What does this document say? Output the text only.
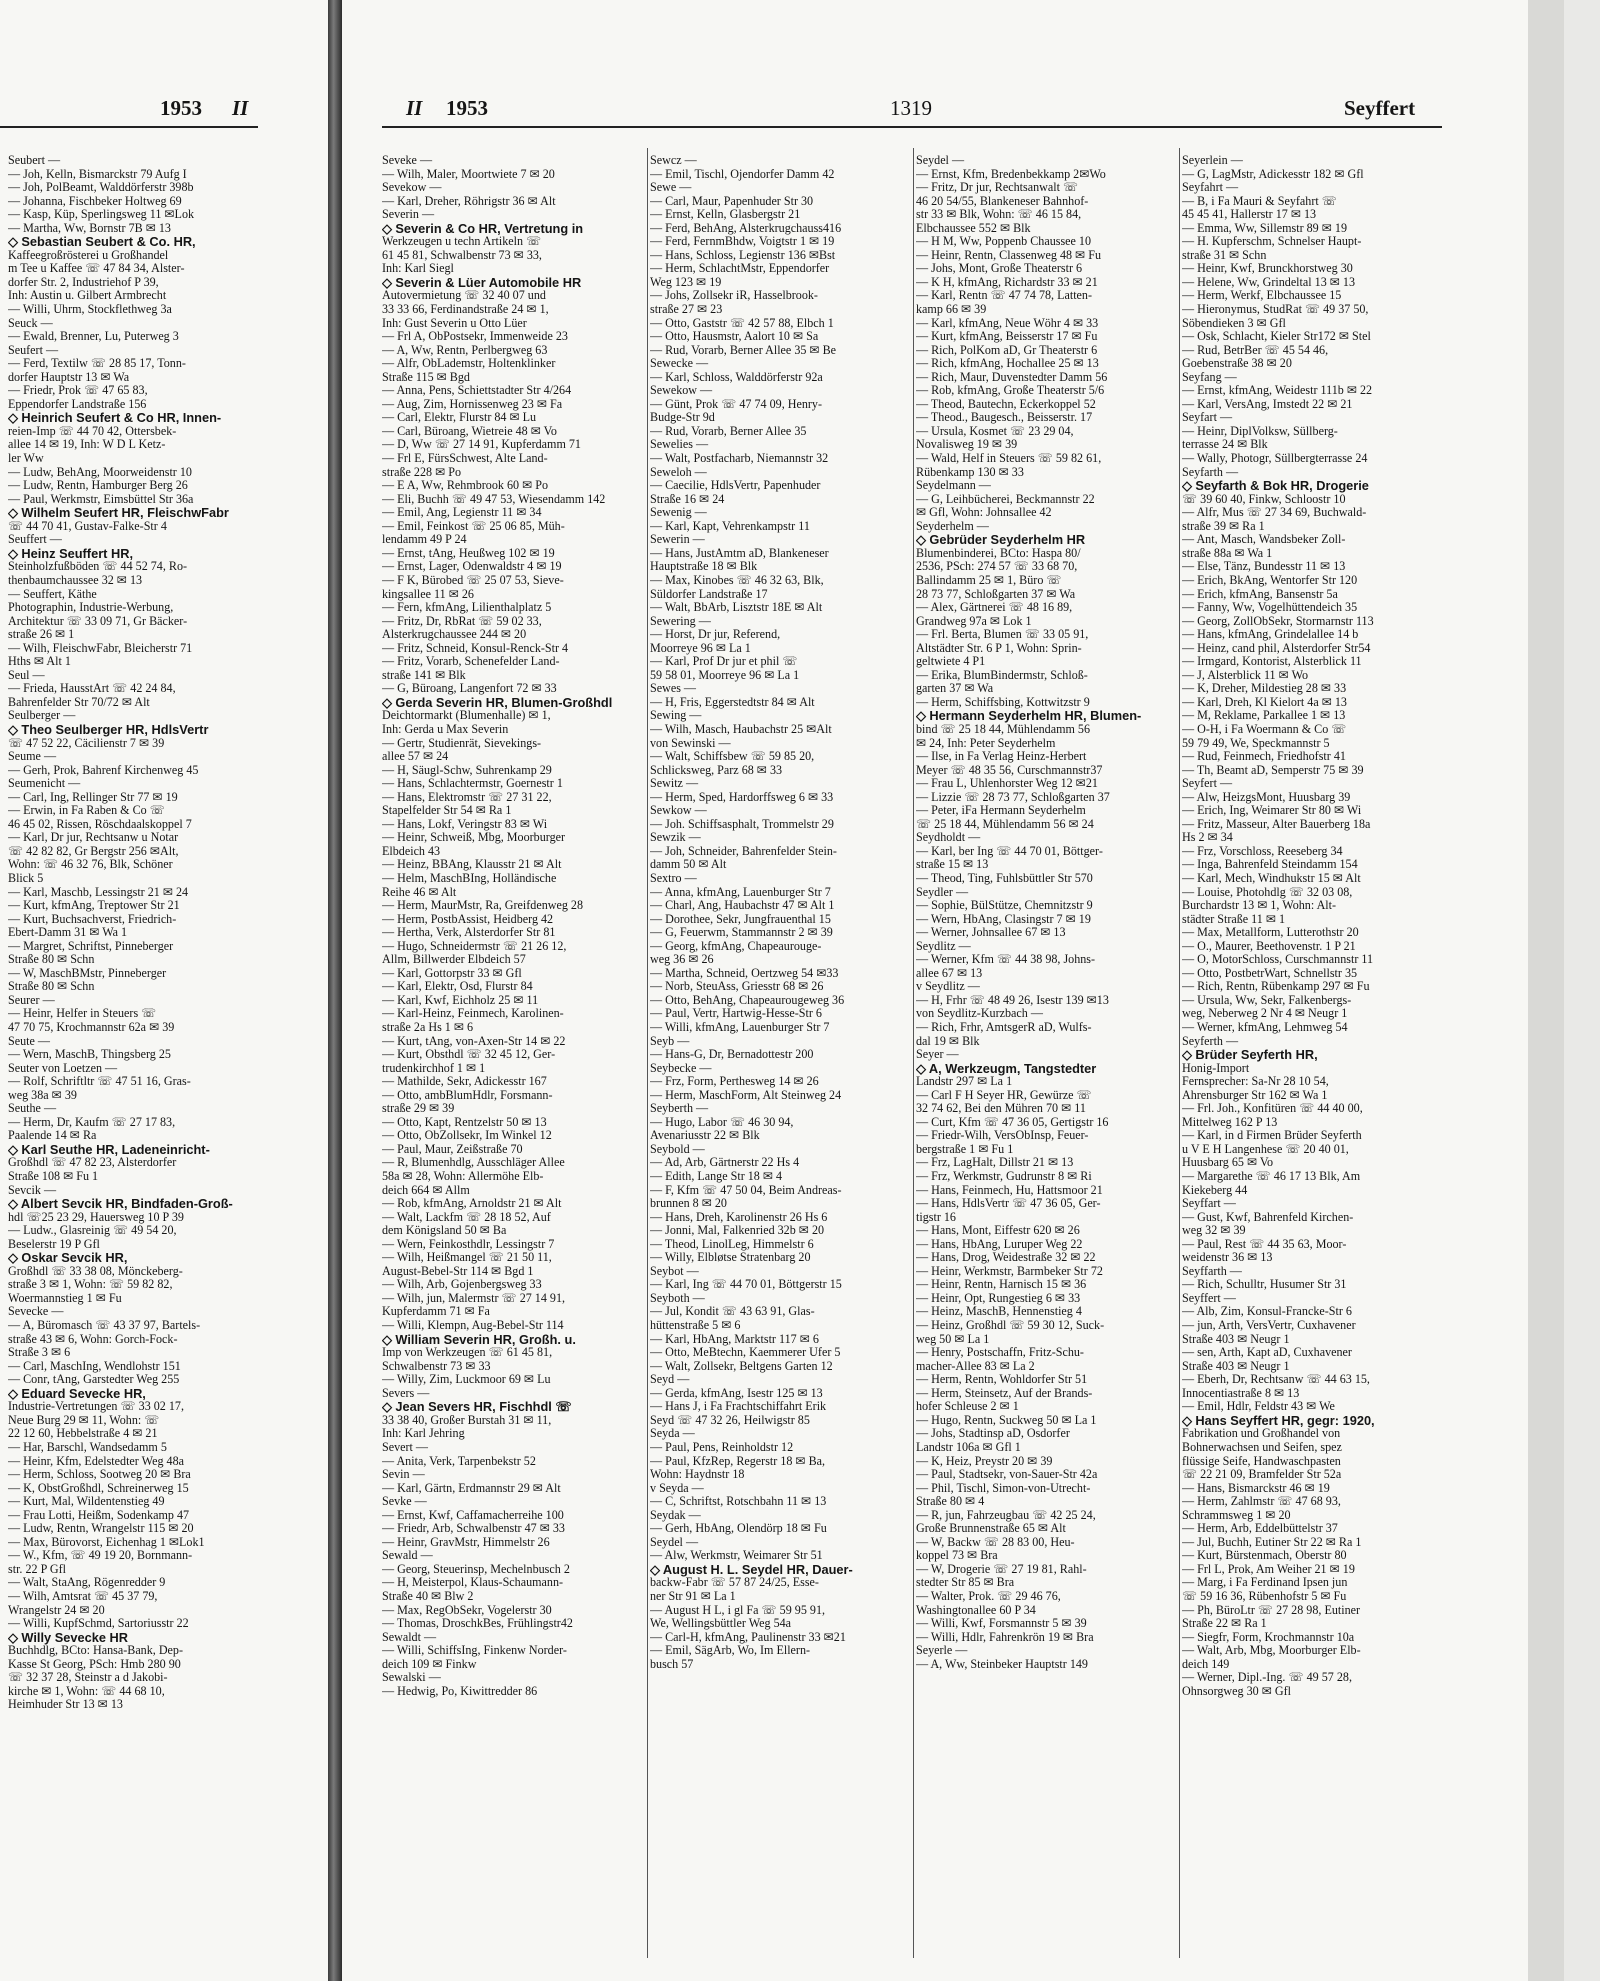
1953 II
Seubert —
— Joh, Kelln, Bismarckstr 79 Aufg I
— Joh, PolBeamt, Walddörferstr 398b
— Johanna, Fischbeker Holtweg 69
— Kasp, Küp, Sperlingsweg 11 ✉Lok
— Martha, Ww, Bornstr 7B ✉ 13
◇ Sebastian Seubert & Co. HR,
Kaffeegroßrösterei u Großhandel
m Tee u Kaffee ☏ 47 84 34, Alster-
dorfer Str. 2, Industriehof P 39,
Inh: Austin u. Gilbert Armbrecht
— Willi, Uhrm, Stockflethweg 3a
Seuck —
— Ewald, Brenner, Lu, Puterweg 3
Seufert —
— Ferd, Textilw ☏ 28 85 17, Tonn-
dorfer Hauptstr 13 ✉ Wa
— Friedr, Prok ☏ 47 65 83,
Eppendorfer Landstraße 156
◇ Heinrich Seufert & Co HR, Innen-
reien-Imp ☏ 44 70 42, Ottersbek-
allee 14 ✉ 19, Inh: W D L Ketz-
ler Ww
— Ludw, BehAng, Moorweidenstr 10
— Ludw, Rentn, Hamburger Berg 26
— Paul, Werkmstr, Eimsbüttel Str 36a
◇ Wilhelm Seufert HR, FleischwFabr
☏ 44 70 41, Gustav-Falke-Str 4
Seuffert —
◇ Heinz Seuffert HR,
Steinholzfußböden ☏ 44 52 74, Ro-
thenbaumchaussee 32 ✉ 13
— Seuffert, Käthe
Photographin, Industrie-Werbung,
Architektur ☏ 33 09 71, Gr Bäcker-
straße 26 ✉ 1
— Wilh, FleischwFabr, Bleicherstr 71
Hths ✉ Alt 1
Seul —
— Frieda, HausstArt ☏ 42 24 84,
Bahrenfelder Str 70/72 ✉ Alt
Seulberger —
◇ Theo Seulberger HR, HdlsVertr
☏ 47 52 22, Cäcilienstr 7 ✉ 39
Seume —
— Gerh, Prok, Bahrenf Kirchenweg 45
Seumenicht —
— Carl, Ing, Rellinger Str 77 ✉ 19
— Erwin, in Fa Raben & Co ☏
46 45 02, Rissen, Röschdaalskoppel 7
— Karl, Dr jur, Rechtsanw u Notar
☏ 42 82 82, Gr Bergstr 256 ✉Alt,
Wohn: ☏ 46 32 76, Blk, Schöner
Blick 5
— Karl, Maschb, Lessingstr 21 ✉ 24
— Kurt, kfmAng, Treptower Str 21
— Kurt, Buchsachverst, Friedrich-
Ebert-Damm 31 ✉ Wa 1
— Margret, Schriftst, Pinneberger
Straße 80 ✉ Schn
— W, MaschBMstr, Pinneberger
Straße 80 ✉ Schn
Seurer —
— Heinr, Helfer in Steuers ☏
47 70 75, Krochmannstr 62a ✉ 39
Seute —
— Wern, MaschB, Thingsberg 25
Seuter von Loetzen —
— Rolf, Schriftltr ☏ 47 51 16, Gras-
weg 38a ✉ 39
Seuthe —
— Herm, Dr, Kaufm ☏ 27 17 83,
Paalende 14 ✉ Ra
◇ Karl Seuthe HR, Ladeneinricht-
Großhdl ☏ 47 82 23, Alsterdorfer
Straße 108 ✉ Fu 1
Sevcik —
◇ Albert Sevcik HR, Bindfaden-Groß-
hdl ☏25 23 29, Hauersweg 10 P 39
— Ludw., Glasreinig ☏ 49 54 20,
Beselerstr 19 P Gfl
◇ Oskar Sevcik HR,
Großhdl ☏ 33 38 08, Mönckeberg-
straße 3 ✉ 1, Wohn: ☏ 59 82 82,
Woermannstieg 1 ✉ Fu
Sevecke —
— A, Büromasch ☏ 43 37 97, Bartels-
straße 43 ✉ 6, Wohn: Gorch-Fock-
Straße 3 ✉ 6
— Carl, MaschIng, Wendlohstr 151
— Conr, tAng, Garstedter Weg 255
◇ Eduard Sevecke HR,
Industrie-Vertretungen ☏ 33 02 17,
Neue Burg 29 ✉ 11, Wohn: ☏
22 12 60, Hebbelstraße 4 ✉ 21
— Har, Barschl, Wandsedamm 5
— Heinr, Kfm, Edelstedter Weg 48a
— Herm, Schloss, Sootweg 20 ✉ Bra
— K, ObstGroßhdl, Schreinerweg 15
— Kurt, Mal, Wildentenstieg 49
— Frau Lotti, Heißm, Sodenkamp 47
— Ludw, Rentn, Wrangelstr 115 ✉ 20
— Max, Bürovorst, Eichenhag 1 ✉Lok1
— W., Kfm, ☏ 49 19 20, Bornmann-
str. 22 P Gfl
— Walt, StaAng, Rögenredder 9
— Wilh, Amtsrat ☏ 45 37 79,
Wrangelstr 24 ✉ 20
— Willi, KupfSchmd, Sartoriusstr 22
◇ Willy Sevecke HR
Buchhdlg, BCto: Hansa-Bank, Dep-
Kasse St Georg, PSch: Hmb 280 90
☏ 32 37 28, Steinstr a d Jakobi-
kirche ✉ 1, Wohn: ☏ 44 68 10,
Heimhuder Str 13 ✉ 13
II 1953	1319	Seyffert
Seveke —
— Wilh, Maler, Moortwiete 7 ✉ 20
Sevekow —
— Karl, Dreher, Röhrigstr 36 ✉ Alt
Severin —
◇ Severin & Co HR, Vertretung in
Werkzeugen u techn Artikeln ☏
61 45 81, Schwalbenstr 73 ✉ 33,
Inh: Karl Siegl
◇ Severin & Lüer Automobile HR
Autovermietung ☏ 32 40 07 und
33 33 66, Ferdinandstraße 24 ✉ 1,
Inh: Gust Severin u Otto Lüer
— Frl A, ObPostsekr, Immenweide 23
— A, Ww, Rentn, Perlbergweg 63
— Alfr, ObLademstr, Holtenklinker
Straße 115 ✉ Bgd
— Anna, Pens, Schiettstadter Str 4/264
— Aug, Zim, Hornissenweg 23 ✉ Fa
— Carl, Elektr, Flurstr 84 ✉ Lu
— Carl, Büroang, Wietreie 48 ✉ Vo
— D, Ww ☏ 27 14 91, Kupferdamm 71
— Frl E, FürsSchwest, Alte Land-
straße 228 ✉ Po
— E A, Ww, Rehmbrook 60 ✉ Po
— Eli, Buchh ☏ 49 47 53, Wiesendamm 142
— Emil, Ang, Legienstr 11 ✉ 34
— Emil, Feinkost ☏ 25 06 85, Müh-
lendamm 49 P 24
— Ernst, tAng, Heußweg 102 ✉ 19
— Ernst, Lager, Odenwaldstr 4 ✉ 19
— F K, Bürobed ☏ 25 07 53, Sieve-
kingsallee 11 ✉ 26
— Fern, kfmAng, Lilienthalplatz 5
— Fritz, Dr, RbRat ☏ 59 02 33,
Alsterkrugchaussee 244 ✉ 20
— Fritz, Schneid, Konsul-Renck-Str 4
— Fritz, Vorarb, Schenefelder Land-
straße 141 ✉ Blk
— G, Büroang, Langenfort 72 ✉ 33
◇ Gerda Severin HR, Blumen-Großhdl
Deichtormarkt (Blumenhalle) ✉ 1,
Inh: Gerda u Max Severin
— Gertr, Studienrät, Sievekings-
allee 57 ✉ 24
— H, Säugl-Schw, Suhrenkamp 29
— Hans, Schlachtermstr, Goernestr 1
— Hans, Elektromstr ☏ 27 31 22,
Stapelfelder Str 54 ✉ Ra 1
— Hans, Lokf, Veringstr 83 ✉ Wi
— Heinr, Schweiß, Mbg, Moorburger
Elbdeich 43
— Heinz, BBAng, Klausstr 21 ✉ Alt
— Helm, MaschBIng, Holländische
Reihe 46 ✉ Alt
— Herm, MaurMstr, Ra, Greifdenweg 28
— Herm, PostbAssist, Heidberg 42
— Hertha, Verk, Alsterdorfer Str 81
— Hugo, Schneidermstr ☏ 21 26 12,
Allm, Billwerder Elbdeich 57
— Karl, Gottorpstr 33 ✉ Gfl
— Karl, Elektr, Osd, Flurstr 84
— Karl, Kwf, Eichholz 25 ✉ 11
— Karl-Heinz, Feinmech, Karolinen-
straße 2a Hs 1 ✉ 6
— Kurt, tAng, von-Axen-Str 14 ✉ 22
— Kurt, Obsthdl ☏ 32 45 12, Ger-
trudenkirchhof 1 ✉ 1
— Mathilde, Sekr, Adickesstr 167
— Otto, ambBlumHdlr, Forsmann-
straße 29 ✉ 39
— Otto, Kapt, Rentzelstr 50 ✉ 13
— Otto, ObZollsekr, Im Winkel 12
— Paul, Maur, Zeißstraße 70
— R, Blumenhdlg, Ausschläger Allee
58a ✉ 28, Wohn: Allermöhe Elb-
deich 664 ✉ Allm
— Rob, kfmAng, Arnoldstr 21 ✉ Alt
— Walt, Lackfm ☏ 28 18 52, Auf
dem Königsland 50 ✉ Ba
— Wern, Feinkosthdlr, Lessingstr 7
— Wilh, Heißmangel ☏ 21 50 11,
August-Bebel-Str 114 ✉ Bgd 1
— Wilh, Arb, Gojenbergsweg 33
— Wilh, jun, Malermstr ☏ 27 14 91,
Kupferdamm 71 ✉ Fa
— Willi, Klempn, Aug-Bebel-Str 114
◇ William Severin HR, Großh. u.
Imp von Werkzeugen ☏ 61 45 81,
Schwalbenstr 73 ✉ 33
— Willy, Zim, Luckmoor 69 ✉ Lu
Severs —
◇ Jean Severs HR, Fischhdl ☏
33 38 40, Großer Burstah 31 ✉ 11,
Inh: Karl Jehring
Severt —
— Anita, Verk, Tarpenbekstr 52
Sevin —
— Karl, Gärtn, Erdmannstr 29 ✉ Alt
Sevke —
— Ernst, Kwf, Caffamacherreihe 100
— Friedr, Arb, Schwalbenstr 47 ✉ 33
— Heinr, GravMstr, Himmelstr 26
Sewald —
— Georg, Steuerinsp, Mechelnbusch 2
— H, Meisterpol, Klaus-Schaumann-
Straße 40 ✉ Blw 2
— Max, RegObSekr, Vogelerstr 30
— Thomas, DroschkBes, Frühlingstr42
Sewaldt —
— Willi, SchiffsIng, Finkenw Norder-
deich 109 ✉ Finkw
Sewalski —
— Hedwig, Po, Kiwittredder 86
Sewcz —
— Emil, Tischl, Ojendorfer Damm 42
Sewe —
— Carl, Maur, Papenhuder Str 30
— Ernst, Kelln, Glasbergstr 21
— Ferd, BehAng, Alsterkrugchauss416
— Ferd, FernmBhdw, Voigtstr 1 ✉ 19
— Hans, Schloss, Legienstr 136 ✉Bst
— Herm, SchlachtMstr, Eppendorfer
Weg 123 ✉ 19
— Johs, Zollsekr iR, Hasselbrook-
straße 27 ✉ 23
— Otto, Gaststr ☏ 42 57 88, Elbch 1
— Otto, Hausmstr, Aalort 10 ✉ Sa
— Rud, Vorarb, Berner Allee 35 ✉ Be
Sewecke —
— Karl, Schloss, Walddörferstr 92a
Sewekow —
— Günt, Prok ☏ 47 74 09, Henry-
Budge-Str 9d
— Rud, Vorarb, Berner Allee 35
Sewelies —
— Walt, Postfacharb, Niemannstr 32
Seweloh —
— Caecilie, HdlsVertr, Papenhuder
Straße 16 ✉ 24
Sewenig —
— Karl, Kapt, Vehrenkampstr 11
Sewerin —
— Hans, JustAmtm aD, Blankeneser
Hauptstraße 18 ✉ Blk
— Max, Kinobes ☏ 46 32 63, Blk,
Süldorfer Landstraße 17
— Walt, BbArb, Lisztstr 18E ✉ Alt
Sewering —
— Horst, Dr jur, Referend,
Moorreye 96 ✉ La 1
— Karl, Prof Dr jur et phil ☏
59 58 01, Moorreye 96 ✉ La 1
Sewes —
— H, Fris, Eggerstedtstr 84 ✉ Alt
Sewing —
— Wilh, Masch, Haubachstr 25 ✉Alt
von Sewinski —
— Walt, Schiffsbew ☏ 59 85 20,
Schlicksweg, Parz 68 ✉ 33
Sewitz —
— Herm, Sped, Hardorffsweg 6 ✉ 33
Sewkow —
— Joh. Schiffsasphalt, Trommelstr 29
Sewzik —
— Joh, Schneider, Bahrenfelder Stein-
damm 50 ✉ Alt
Sextro —
— Anna, kfmAng, Lauenburger Str 7
— Charl, Ang, Haubachstr 47 ✉ Alt 1
— Dorothee, Sekr, Jungfrauenthal 15
— G, Feuerwm, Stammannstr 2 ✉ 39
— Georg, kfmAng, Chapeaurouge-
weg 36 ✉ 26
— Martha, Schneid, Oertzweg 54 ✉33
— Norb, SteuAss, Griesstr 68 ✉ 26
— Otto, BehAng, Chapeaurougeweg 36
— Paul, Vertr, Hartwig-Hesse-Str 6
— Willi, kfmAng, Lauenburger Str 7
Seyb —
— Hans-G, Dr, Bernadottestr 200
Seybecke —
— Frz, Form, Perthesweg 14 ✉ 26
— Herm, MaschForm, Alt Steinweg 24
Seyberth —
— Hugo, Labor ☏ 46 30 94,
Avenariusstr 22 ✉ Blk
Seybold —
— Ad, Arb, Gärtnerstr 22 Hs 4
— Edith, Lange Str 18 ✉ 4
— F, Kfm ☏ 47 50 04, Beim Andreas-
brunnen 8 ✉ 20
— Hans, Dreh, Karolinenstr 26 Hs 6
— Jonni, Mal, Falkenried 32b ✉ 20
— Theod, LinolLeg, Himmelstr 6
— Willy, Elbløtse Stratenbarg 20
Seybot —
— Karl, Ing ☏ 44 70 01, Böttgerstr 15
Seyboth —
— Jul, Kondit ☏ 43 63 91, Glas-
hüttenstraße 5 ✉ 6
— Karl, HbAng, Marktstr 117 ✉ 6
— Otto, MeBtechn, Kaemmerer Ufer 5
— Walt, Zollsekr, Beltgens Garten 12
Seyd —
— Gerda, kfmAng, Isestr 125 ✉ 13
— Hans J, i Fa Frachtschiffahrt Erik
Seyd ☏ 47 32 26, Heilwigstr 85
Seyda —
— Paul, Pens, Reinholdstr 12
— Paul, KfzRep, Regerstr 18 ✉ Ba,
Wohn: Haydnstr 18
v Seyda —
— C, Schriftst, Rotschbahn 11 ✉ 13
Seydak —
— Gerh, HbAng, Olendörp 18 ✉ Fu
Seydel —
— Alw, Werkmstr, Weimarer Str 51
◇ August H. L. Seydel HR, Dauer-
backw-Fabr ☏ 57 87 24/25, Esse-
ner Str 91 ✉ La 1
— August H L, i gl Fa ☏ 59 95 91,
We, Wellingsbüttler Weg 54a
— Carl-H, kfmAng, Paulinenstr 33 ✉21
— Emil, SägArb, Wo, Im Ellern-
busch 57
Seydel —
— Ernst, Kfm, Bredenbekkamp 2✉Wo
— Fritz, Dr jur, Rechtsanwalt ☏
46 20 54/55, Blankeneser Bahnhof-
str 33 ✉ Blk, Wohn: ☏ 46 15 84,
Elbchaussee 552 ✉ Blk
— H M, Ww, Poppenb Chaussee 10
— Heinr, Rentn, Classenweg 48 ✉ Fu
— Johs, Mont, Große Theaterstr 6
— K H, kfmAng, Richardstr 33 ✉ 21
— Karl, Rentn ☏ 47 74 78, Latten-
kamp 66 ✉ 39
— Karl, kfmAng, Neue Wöhr 4 ✉ 33
— Kurt, kfmAng, Beisserstr 17 ✉ Fu
— Rich, PolKom aD, Gr Theaterstr 6
— Rich, kfmAng, Hochallee 25 ✉ 13
— Rich, Maur, Duvenstedter Damm 56
— Rob, kfmAng, Große Theaterstr 5/6
— Theod, Bautechn, Eckerkoppel 52
— Theod., Baugesch., Beisserstr. 17
— Ursula, Kosmet ☏ 23 29 04,
Novalisweg 19 ✉ 39
— Wald, Helf in Steuers ☏ 59 82 61,
Rübenkamp 130 ✉ 33
Seydelmann —
— G, Leihbücherei, Beckmannstr 22
✉ Gfl, Wohn: Johnsallee 42
Seyderhelm —
◇ Gebrüder Seyderhelm HR
Blumenbinderei, BCto: Haspa 80/
2536, PSch: 274 57 ☏ 33 68 70,
Ballindamm 25 ✉ 1, Büro ☏
28 73 77, Schloßgarten 37 ✉ Wa
— Alex, Gärtnerei ☏ 48 16 89,
Grandweg 97a ✉ Lok 1
— Frl. Berta, Blumen ☏ 33 05 91,
Altstädter Str. 6 P 1, Wohn: Sprin-
geltwiete 4 P1
— Erika, BlumBindermstr, Schloß-
garten 37 ✉ Wa
— Herm, Schiffsbing, Kottwitzstr 9
◇ Hermann Seyderhelm HR, Blumen-
bind ☏ 25 18 44, Mühlendamm 56
✉ 24, Inh: Peter Seyderhelm
— Ilse, in Fa Verlag Heinz-Herbert
Meyer ☏ 48 35 56, Curschmannstr37
— Frau L, Uhlenhorster Weg 12 ✉21
— Lizzie ☏ 28 73 77, Schloßgarten 37
— Peter, iFa Hermann Seyderhelm
☏ 25 18 44, Mühlendamm 56 ✉ 24
Seydholdt —
— Karl, ber Ing ☏ 44 70 01, Böttger-
straße 15 ✉ 13
— Theod, Ting, Fuhlsbüttler Str 570
Seydler —
— Sophie, BülStütze, Chemnitzstr 9
— Wern, HbAng, Clasingstr 7 ✉ 19
— Werner, Johnsallee 67 ✉ 13
Seydlitz —
— Werner, Kfm ☏ 44 38 98, Johns-
allee 67 ✉ 13
v Seydlitz —
— H, Frhr ☏ 48 49 26, Isestr 139 ✉13
von Seydlitz-Kurzbach —
— Rich, Frhr, AmtsgerR aD, Wulfs-
dal 19 ✉ Blk
Seyer —
◇ A, Werkzeugm, Tangstedter
Landstr 297 ✉ La 1
— Carl F H Seyer HR, Gewürze ☏
32 74 62, Bei den Mühren 70 ✉ 11
— Curt, Kfm ☏ 47 36 05, Gertigstr 16
— Friedr-Wilh, VersObInsp, Feuer-
bergstraße 1 ✉ Fu 1
— Frz, LagHalt, Dillstr 21 ✉ 13
— Frz, Werkmstr, Gudrunstr 8 ✉ Ri
— Hans, Feinmech, Hu, Hattsmoor 21
— Hans, HdlsVertr ☏ 47 36 05, Ger-
tigstr 16
— Hans, Mont, Eiffestr 620 ✉ 26
— Hans, HbAng, Luruper Weg 22
— Hans, Drog, Weidestraße 32 ✉ 22
— Heinr, Werkmstr, Barmbeker Str 72
— Heinr, Rentn, Harnisch 15 ✉ 36
— Heinr, Opt, Rungestieg 6 ✉ 33
— Heinz, MaschB, Hennenstieg 4
— Heinz, Großhdl ☏ 59 30 12, Suck-
weg 50 ✉ La 1
— Henry, Postschaffn, Fritz-Schu-
macher-Allee 83 ✉ La 2
— Herm, Rentn, Wohldorfer Str 51
— Herm, Steinsetz, Auf der Brands-
hofer Schleuse 2 ✉ 1
— Hugo, Rentn, Suckweg 50 ✉ La 1
— Johs, Stadtinsp aD, Osdorfer
Landstr 106a ✉ Gfl 1
— K, Heiz, Preystr 20 ✉ 39
— Paul, Stadtsekr, von-Sauer-Str 42a
— Phil, Tischl, Simon-von-Utrecht-
Straße 80 ✉ 4
— R, jun, Fahrzeugbau ☏ 42 25 24,
Große Brunnenstraße 65 ✉ Alt
— W, Backw ☏ 28 83 00, Heu-
koppel 73 ✉ Bra
— W, Drogerie ☏ 27 19 81, Rahl-
stedter Str 85 ✉ Bra
— Walter, Prok. ☏ 29 46 76,
Washingtonallee 60 P 34
— Willi, Kwf, Forsmannstr 5 ✉ 39
— Willi, Hdlr, Fahrenkrön 19 ✉ Bra
Seyerle —
— A, Ww, Steinbeker Hauptstr 149
Seyerlein —
— G, LagMstr, Adickesstr 182 ✉ Gfl
Seyfahrt —
— B, i Fa Mauri & Seyfahrt ☏
45 45 41, Hallerstr 17 ✉ 13
— Emma, Ww, Sillemstr 89 ✉ 19
— H. Kupferschm, Schnelser Haupt-
straße 31 ✉ Schn
— Heinr, Kwf, Brunckhorstweg 30
— Helene, Ww, Grindeltal 13 ✉ 13
— Herm, Werkf, Elbchaussee 15
— Hieronymus, StudRat ☏ 49 37 50,
Söbendieken 3 ✉ Gfl
— Osk, Schlacht, Kieler Str172 ✉ Stel
— Rud, BetrBer ☏ 45 54 46,
Goebenstraße 38 ✉ 20
Seyfang —
— Ernst, kfmAng, Weidestr 111b ✉ 22
— Karl, VersAng, Imstedt 22 ✉ 21
Seyfart —
— Heinr, DiplVolksw, Süllberg-
terrasse 24 ✉ Blk
— Wally, Photogr, Süllbergterrasse 24
Seyfarth —
◇ Seyfarth & Bok HR, Drogerie
☏ 39 60 40, Finkw, Schloostr 10
— Alfr, Mus ☏ 27 34 69, Buchwald-
straße 39 ✉ Ra 1
— Ant, Masch, Wandsbeker Zoll-
straße 88a ✉ Wa 1
— Else, Tänz, Bundesstr 11 ✉ 13
— Erich, BkAng, Wentorfer Str 120
— Erich, kfmAng, Bansenstr 5a
— Fanny, Ww, Vogelhüttendeich 35
— Georg, ZollObSekr, Stormarnstr 113
— Hans, kfmAng, Grindelallee 14 b
— Heinz, cand phil, Alsterdorfer Str54
— Irmgard, Kontorist, Alsterblick 11
— J, Alsterblick 11 ✉ Wo
— K, Dreher, Mildestieg 28 ✉ 33
— Karl, Dreh, Kl Kielort 4a ✉ 13
— M, Reklame, Parkallee 1 ✉ 13
— O-H, i Fa Woermann & Co ☏
59 79 49, We, Speckmannstr 5
— Rud, Feinmech, Friedhofstr 41
— Th, Beamt aD, Semperstr 75 ✉ 39
Seyfert —
— Alw, HeizgsMont, Huusbarg 39
— Erich, Ing, Weimarer Str 80 ✉ Wi
— Fritz, Masseur, Alter Bauerberg 18a
Hs 2 ✉ 34
— Frz, Vorschloss, Reeseberg 34
— Inga, Bahrenfeld Steindamm 154
— Karl, Mech, Windhukstr 15 ✉ Alt
— Louise, Photohdlg ☏ 32 03 08,
Burchardstr 13 ✉ 1, Wohn: Alt-
städter Straße 11 ✉ 1
— Max, Metallform, Lutterothstr 20
— O., Maurer, Beethovenstr. 1 P 21
— O, MotorSchloss, Curschmannstr 11
— Otto, PostbetrWart, Schnellstr 35
— Rich, Rentn, Rübenkamp 297 ✉ Fu
— Ursula, Ww, Sekr, Falkenbergs-
weg, Neberweg 2 Nr 4 ✉ Neugr 1
— Werner, kfmAng, Lehmweg 54
Seyferth —
◇ Brüder Seyferth HR,
Honig-Import
Fernsprecher: Sa-Nr 28 10 54,
Ahrensburger Str 162 ✉ Wa 1
— Frl. Joh., Konfitüren ☏ 44 40 00,
Mittelweg 162 P 13
— Karl, in d Firmen Brüder Seyferth
u V E H Langenhese ☏ 20 40 01,
Huusbarg 65 ✉ Vo
— Margarethe ☏ 46 17 13 Blk, Am
Kiekeberg 44
Seyffart —
— Gust, Kwf, Bahrenfeld Kirchen-
weg 32 ✉ 39
— Paul, Rest ☏ 44 35 63, Moor-
weidenstr 36 ✉ 13
Seyffarth —
— Rich, Schulltr, Husumer Str 31
Seyffert —
— Alb, Zim, Konsul-Francke-Str 6
— jun, Arth, VersVertr, Cuxhavener
Straße 403 ✉ Neugr 1
— sen, Arth, Kapt aD, Cuxhavener
Straße 403 ✉ Neugr 1
— Eberh, Dr, Rechtsanw ☏ 44 63 15,
Innocentiastraße 8 ✉ 13
— Emil, Hdlr, Feldstr 43 ✉ We
◇ Hans Seyffert HR, gegr: 1920,
Fabrikation und Großhandel von
Bohnerwachsen und Seifen, spez
flüssige Seife, Handwaschpasten
☏ 22 21 09, Bramfelder Str 52a
— Hans, Bismarckstr 46 ✉ 19
— Herm, Zahlmstr ☏ 47 68 93,
Schrammsweg 1 ✉ 20
— Herm, Arb, Eddelbüttelstr 37
— Jul, Buchh, Eutiner Str 22 ✉ Ra 1
— Kurt, Bürstenmach, Oberstr 80
— Frl L, Prok, Am Weiher 21 ✉ 19
— Marg, i Fa Ferdinand Ipsen jun
☏ 59 16 36, Rübenhofstr 5 ✉ Fu
— Ph, BüroLtr ☏ 27 28 98, Eutiner
Straße 22 ✉ Ra 1
— Siegfr, Form, Krochmannstr 10a
— Walt, Arb, Mbg, Moorburger Elb-
deich 149
— Werner, Dipl.-Ing. ☏ 49 57 28,
Ohnsorgweg 30 ✉ Gfl
